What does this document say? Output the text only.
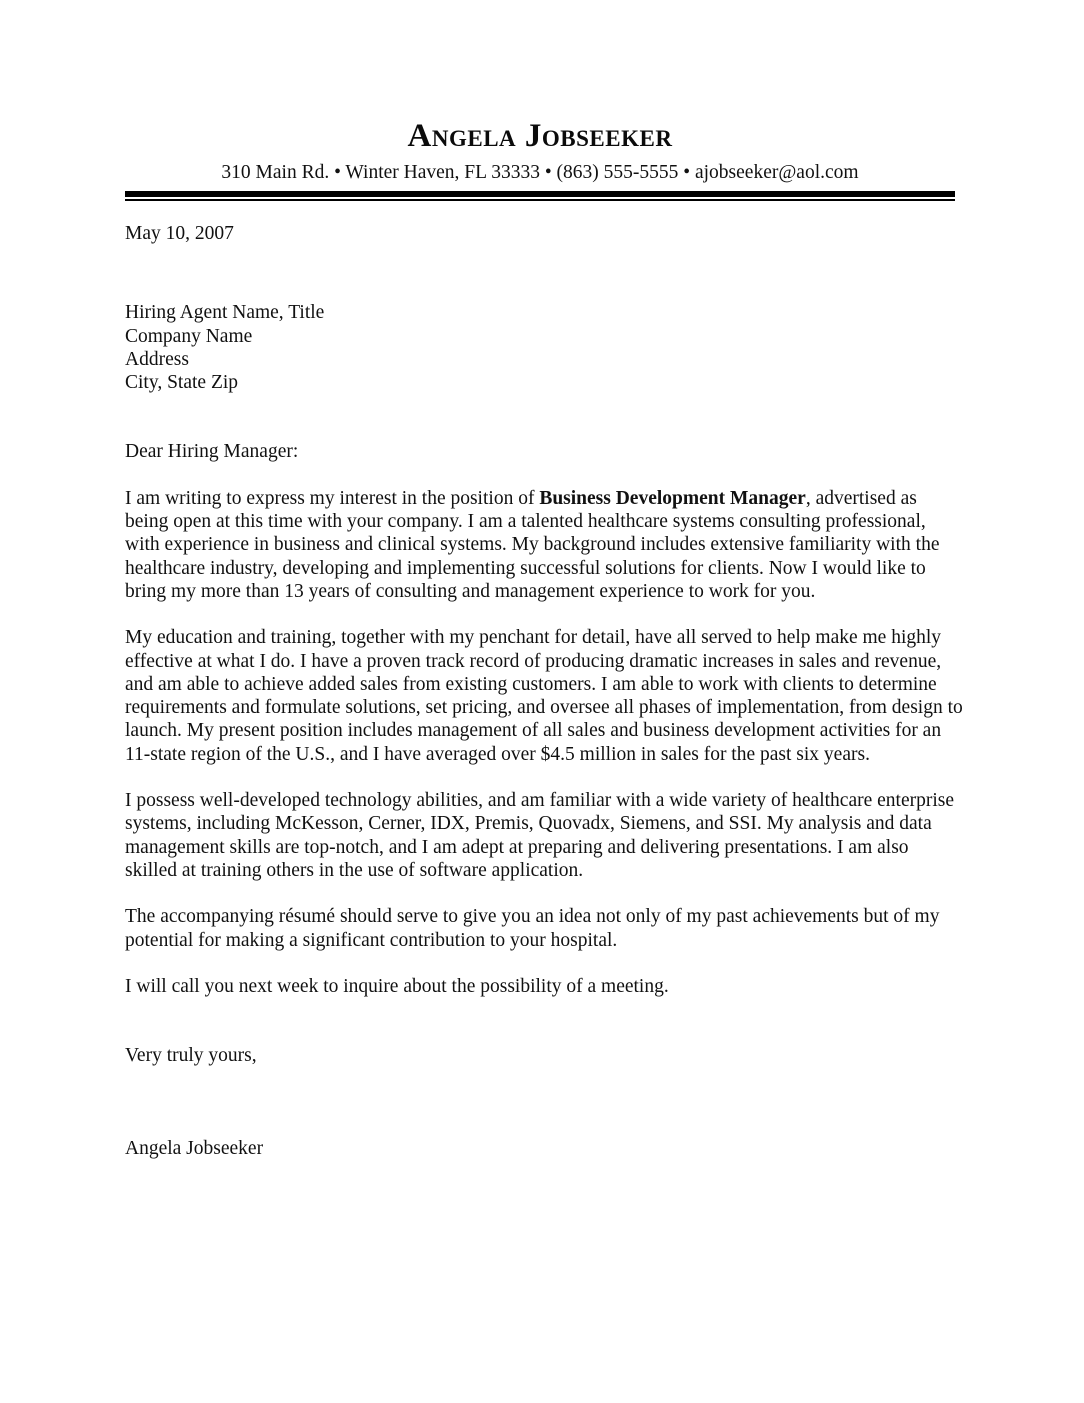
Angela Jobseeker
310 Main Rd. • Winter Haven, FL 33333 • (863) 555-5555 • ajobseeker@aol.com

May 10, 2007

Hiring Agent Name, Title
Company Name
Address
City, State Zip

Dear Hiring Manager:

I am writing to express my interest in the position of Business Development Manager, advertised as being open at this time with your company. I am a talented healthcare systems consulting professional, with experience in business and clinical systems. My background includes extensive familiarity with the healthcare industry, developing and implementing successful solutions for clients. Now I would like to bring my more than 13 years of consulting and management experience to work for you.

My education and training, together with my penchant for detail, have all served to help make me highly effective at what I do. I have a proven track record of producing dramatic increases in sales and revenue, and am able to achieve added sales from existing customers. I am able to work with clients to determine requirements and formulate solutions, set pricing, and oversee all phases of implementation, from design to launch. My present position includes management of all sales and business development activities for an 11-state region of the U.S., and I have averaged over $4.5 million in sales for the past six years.

I possess well-developed technology abilities, and am familiar with a wide variety of healthcare enterprise systems, including McKesson, Cerner, IDX, Premis, Quovadx, Siemens, and SSI. My analysis and data management skills are top-notch, and I am adept at preparing and delivering presentations. I am also skilled at training others in the use of software application.

The accompanying résumé should serve to give you an idea not only of my past achievements but of my potential for making a significant contribution to your hospital.

I will call you next week to inquire about the possibility of a meeting.

Very truly yours,

Angela Jobseeker
